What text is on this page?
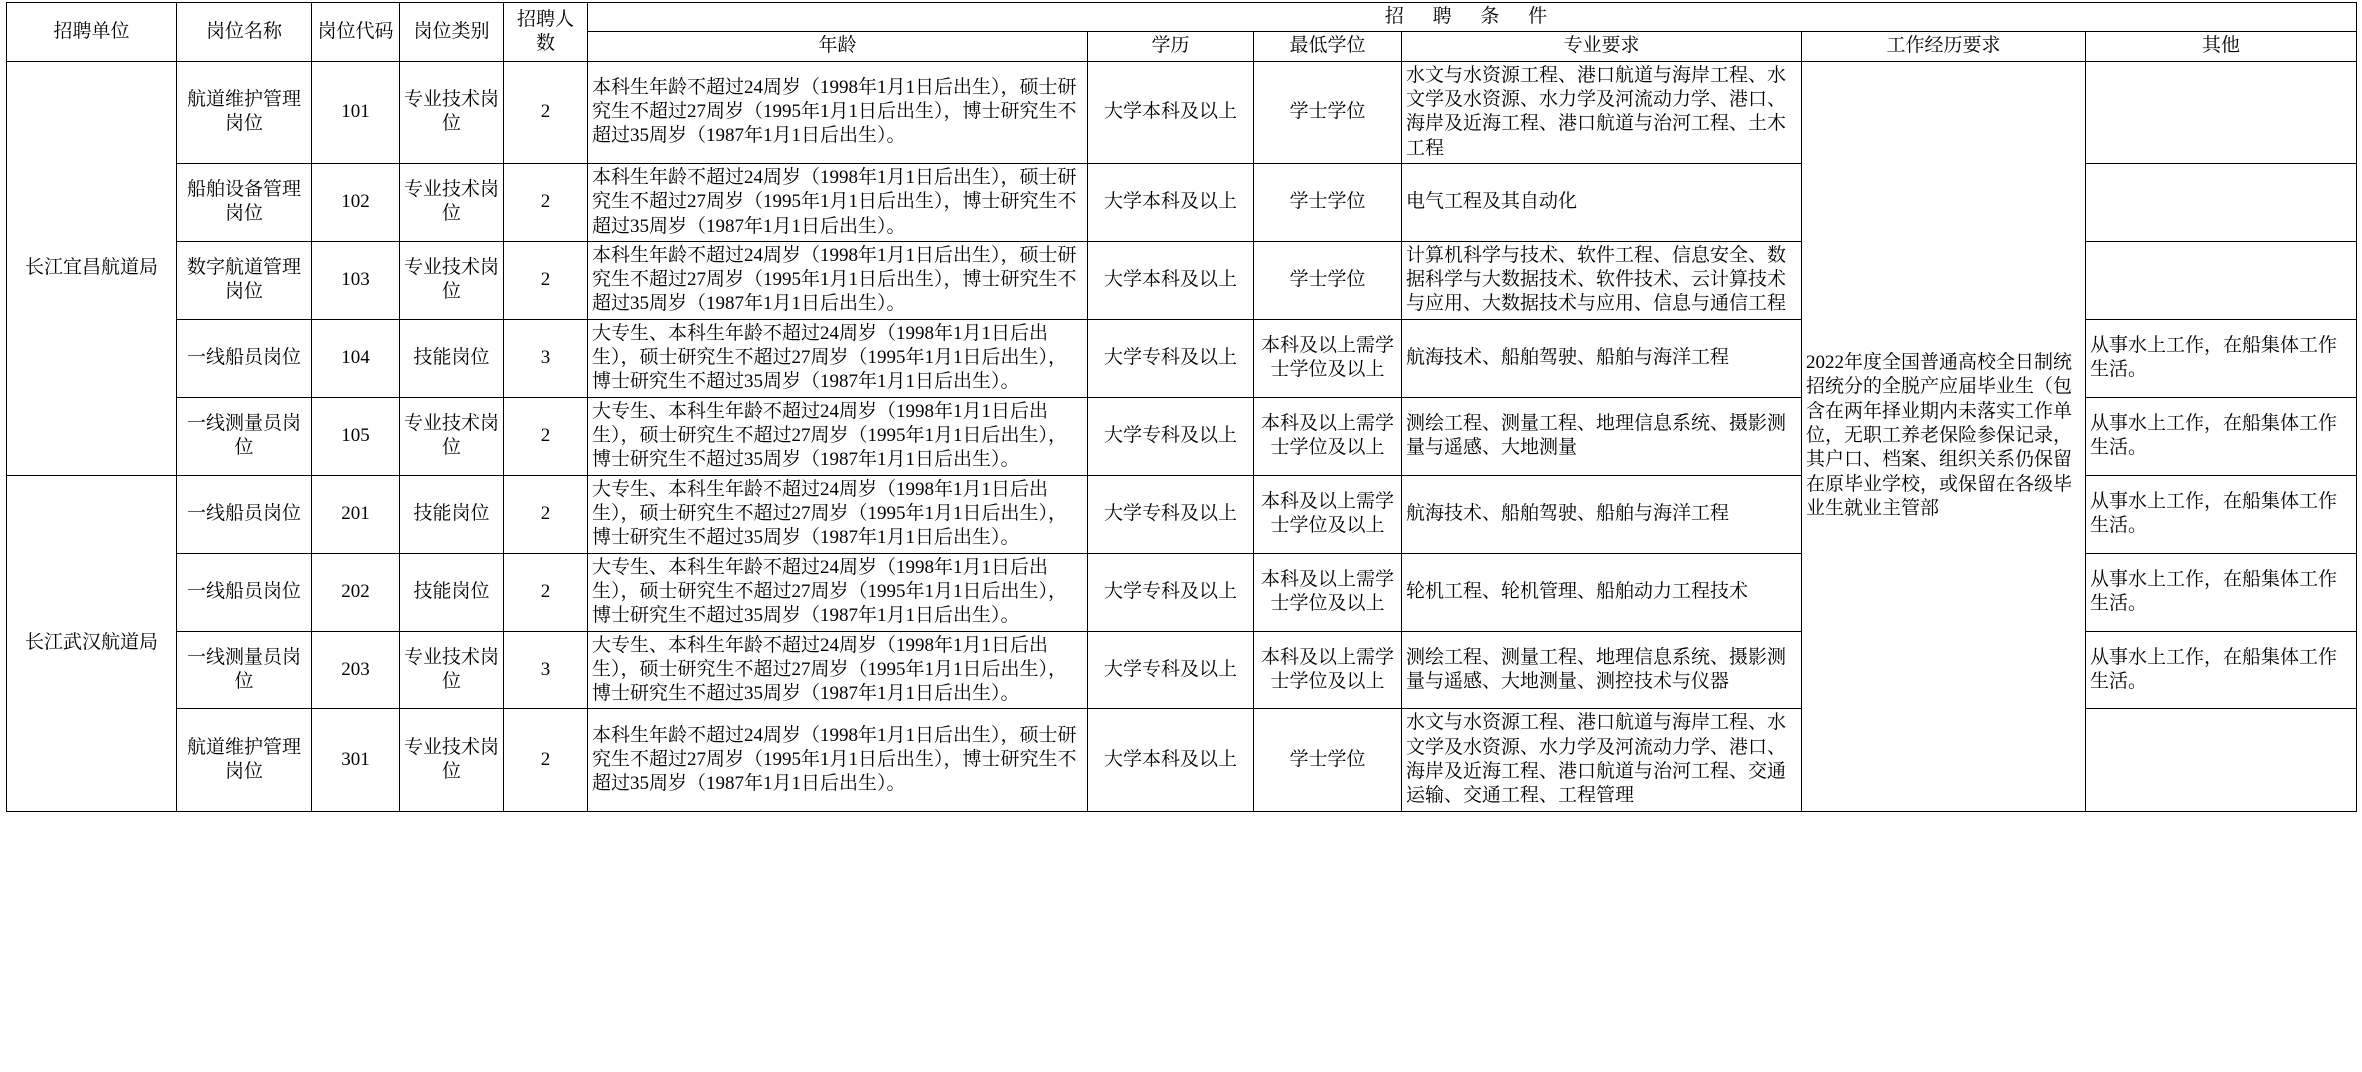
招聘单位	岗位名称	岗位代码	岗位类别	招聘人数	招 聘 条 件					
					年龄	学历	最低学位	专业要求	工作经历要求	其他
长江宜昌航道局	航道维护管理岗位	101	专业技术岗位	2	本科生年龄不超过24周岁（1998年1月1日后出生），硕士研究生不超过27周岁（1995年1月1日后出生），博士研究生不超过35周岁（1987年1月1日后出生）。	大学本科及以上	学士学位	水文与水资源工程、港口航道与海岸工程、水文学及水资源、水力学及河流动力学、港口、海岸及近海工程、港口航道与治河工程、土木工程	2022年度全国普通高校全日制统招统分的全脱产应届毕业生（包含在两年择业期内未落实工作单位，无职工养老保险参保记录，其户口、档案、组织关系仍保留在原毕业学校，或保留在各级毕业生就业主管部	
	船舶设备管理岗位	102	专业技术岗位	2	本科生年龄不超过24周岁（1998年1月1日后出生），硕士研究生不超过27周岁（1995年1月1日后出生），博士研究生不超过35周岁（1987年1月1日后出生）。	大学本科及以上	学士学位	电气工程及其自动化		
	数字航道管理岗位	103	专业技术岗位	2	本科生年龄不超过24周岁（1998年1月1日后出生），硕士研究生不超过27周岁（1995年1月1日后出生），博士研究生不超过35周岁（1987年1月1日后出生）。	大学本科及以上	学士学位	计算机科学与技术、软件工程、信息安全、数据科学与大数据技术、软件技术、云计算技术与应用、大数据技术与应用、信息与通信工程		
	一线船员岗位	104	技能岗位	3	大专生、本科生年龄不超过24周岁（1998年1月1日后出生），硕士研究生不超过27周岁（1995年1月1日后出生），博士研究生不超过35周岁（1987年1月1日后出生）。	大学专科及以上	本科及以上需学士学位及以上	航海技术、船舶驾驶、船舶与海洋工程		从事水上工作，在船集体工作生活。
	一线测量员岗位	105	专业技术岗位	2	大专生、本科生年龄不超过24周岁（1998年1月1日后出生），硕士研究生不超过27周岁（1995年1月1日后出生），博士研究生不超过35周岁（1987年1月1日后出生）。	大学专科及以上	本科及以上需学士学位及以上	测绘工程、测量工程、地理信息系统、摄影测量与遥感、大地测量		从事水上工作，在船集体工作生活。
长江武汉航道局	一线船员岗位	201	技能岗位	2	大专生、本科生年龄不超过24周岁（1998年1月1日后出生），硕士研究生不超过27周岁（1995年1月1日后出生），博士研究生不超过35周岁（1987年1月1日后出生）。	大学专科及以上	本科及以上需学士学位及以上	航海技术、船舶驾驶、船舶与海洋工程		从事水上工作，在船集体工作生活。
	一线船员岗位	202	技能岗位	2	大专生、本科生年龄不超过24周岁（1998年1月1日后出生），硕士研究生不超过27周岁（1995年1月1日后出生），博士研究生不超过35周岁（1987年1月1日后出生）。	大学专科及以上	本科及以上需学士学位及以上	轮机工程、轮机管理、船舶动力工程技术		从事水上工作，在船集体工作生活。
	一线测量员岗位	203	专业技术岗位	3	大专生、本科生年龄不超过24周岁（1998年1月1日后出生），硕士研究生不超过27周岁（1995年1月1日后出生），博士研究生不超过35周岁（1987年1月1日后出生）。	大学专科及以上	本科及以上需学士学位及以上	测绘工程、测量工程、地理信息系统、摄影测量与遥感、大地测量、测控技术与仪器		从事水上工作，在船集体工作生活。
	航道维护管理岗位	301	专业技术岗位	2	本科生年龄不超过24周岁（1998年1月1日后出生），硕士研究生不超过27周岁（1995年1月1日后出生），博士研究生不超过35周岁（1987年1月1日后出生）。	大学本科及以上	学士学位	水文与水资源工程、港口航道与海岸工程、水文学及水资源、水力学及河流动力学、港口、海岸及近海工程、港口航道与治河工程、交通运输、交通工程、工程管理		
